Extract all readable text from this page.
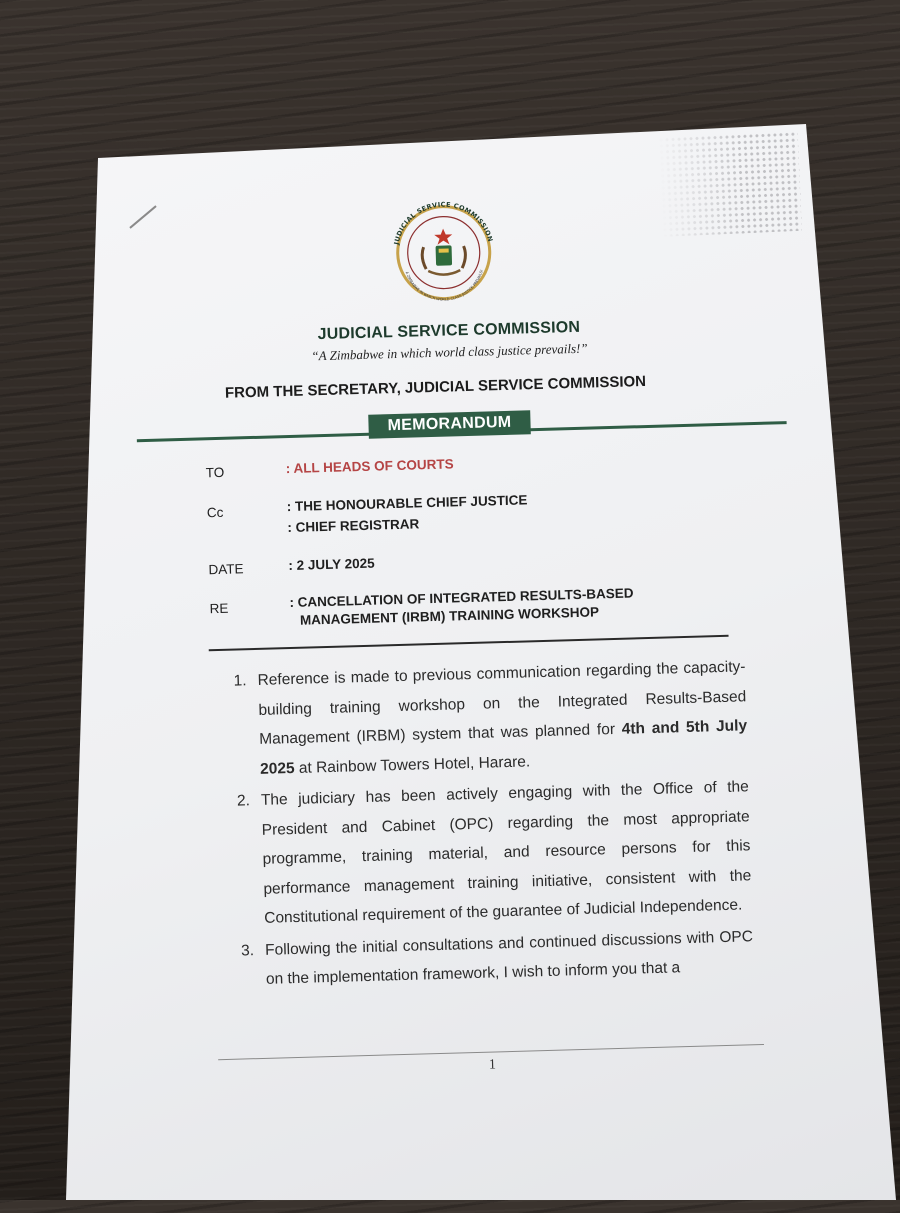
JUDICIAL SERVICE COMMISSION
A ZIMBABWE IN WHICH WORLD CLASS JUSTICE PREVAILS!
JUDICIAL SERVICE COMMISSION
“A Zimbabwe in which world class justice prevails!”
FROM THE SECRETARY, JUDICIAL SERVICE COMMISSION
MEMORANDUM
TO	: ALL HEADS OF COURTS
Cc	: THE HONOURABLE CHIEF JUSTICE
: CHIEF REGISTRAR
DATE	: 2 JULY 2025
RE	: CANCELLATION OF INTEGRATED RESULTS-BASED
MANAGEMENT (IRBM) TRAINING WORKSHOP
1. Reference is made to previous communication regarding the capacity-building training workshop on the Integrated Results-Based Management (IRBM) system that was planned for 4th and 5th July 2025 at Rainbow Towers Hotel, Harare.
2. The judiciary has been actively engaging with the Office of the President and Cabinet (OPC) regarding the most appropriate programme, training material, and resource persons for this performance management training initiative, consistent with the Constitutional requirement of the guarantee of Judicial Independence.
3. Following the initial consultations and continued discussions with OPC on the implementation framework, I wish to inform you that a
1
